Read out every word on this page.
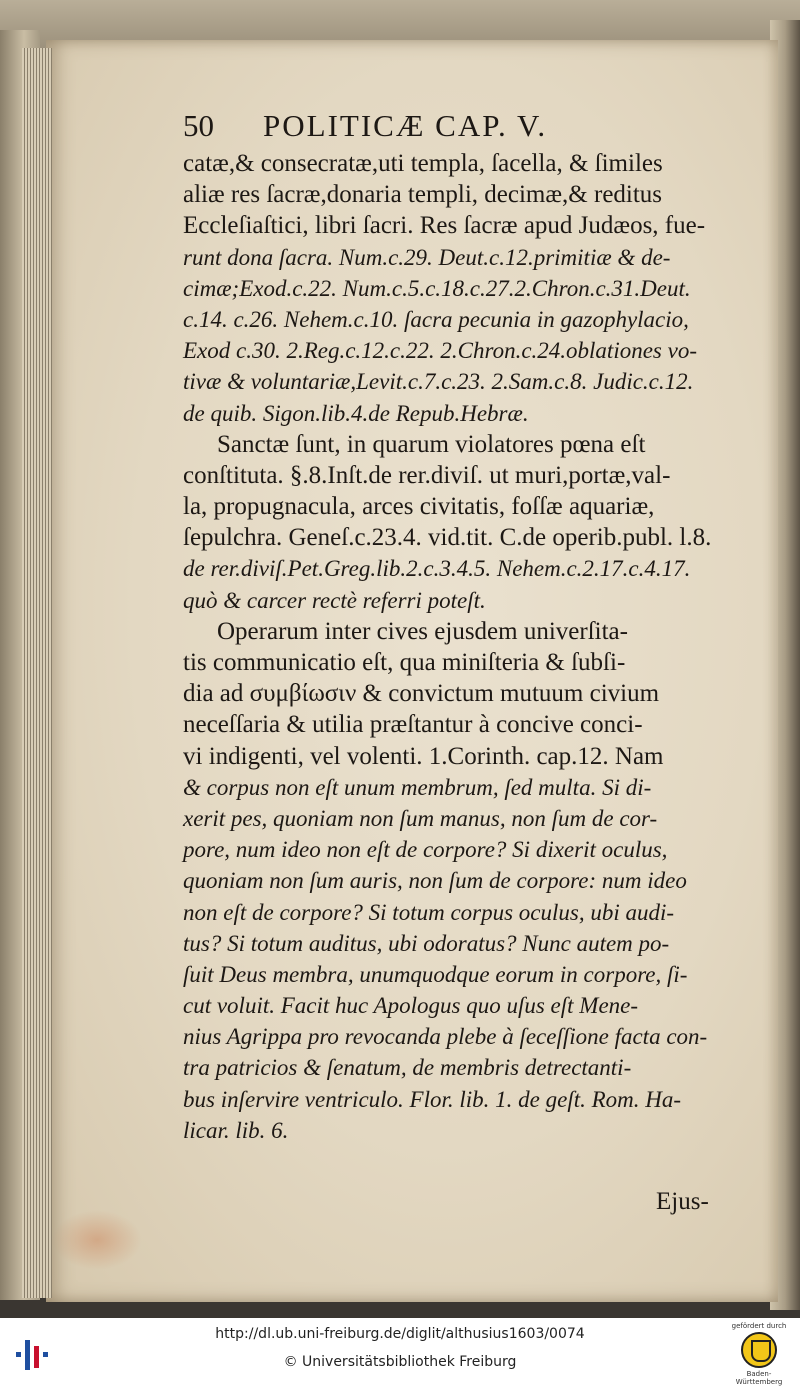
50 POLITICÆ CAP. V.
catæ,& consecratæ,uti templa, ſacella, & ſimiles
aliæ res ſacræ,donaria templi, decimæ,& reditus
Eccleſiaſtici, libri ſacri. Res ſacræ apud Judæos, fue-
runt dona ſacra. Num.c.29. Deut.c.12.primitiæ & de-
cimæ;Exod.c.22. Num.c.5.c.18.c.27.2.Chron.c.31.Deut.
c.14. c.26. Nehem.c.10. ſacra pecunia in gazophylacio,
Exod c.30. 2.Reg.c.12.c.22. 2.Chron.c.24.oblationes vo-
tivæ & voluntariæ,Levit.c.7.c.23. 2.Sam.c.8. Judic.c.12.
de quib. Sigon.lib.4.de Repub.Hebræ.
Sanctæ ſunt, in quarum violatores pœna eſt
conſtituta. §.8.Inſt.de rer.diviſ. ut muri,portæ,val-
la, propugnacula, arces civitatis, foſſæ aquariæ,
ſepulchra. Geneſ.c.23.4. vid.tit. C.de operib.publ. l.8.
de rer.diviſ.Pet.Greg.lib.2.c.3.4.5. Nehem.c.2.17.c.4.17.
quò & carcer rectè referri poteſt.
Operarum inter cives ejusdem univerſita-
tis communicatio eſt, qua miniſteria & ſubſi-
dia ad συμβίωσιν & convictum mutuum civium
neceſſaria & utilia præſtantur à concive conci-
vi indigenti, vel volenti. 1.Corinth. cap.12. Nam
& corpus non eſt unum membrum, ſed multa. Si di-
xerit pes, quoniam non ſum manus, non ſum de cor-
pore, num ideo non eſt de corpore? Si dixerit oculus,
quoniam non ſum auris, non ſum de corpore: num ideo
non eſt de corpore? Si totum corpus oculus, ubi audi-
tus? Si totum auditus, ubi odoratus? Nunc autem po-
ſuit Deus membra, unumquodque eorum in corpore, ſi-
cut voluit. Facit huc Apologus quo uſus eſt Mene-
nius Agrippa pro revocanda plebe à ſeceſſione facta con-
tra patricios & ſenatum, de membris detrectanti-
bus inſervire ventriculo. Flor. lib. 1. de geſt. Rom. Ha-
licar. lib. 6.
Ejus-
http://dl.ub.uni-freiburg.de/diglit/althusius1603/0074
© Universitätsbibliothek Freiburg
gefördert durch
Baden-Württemberg
